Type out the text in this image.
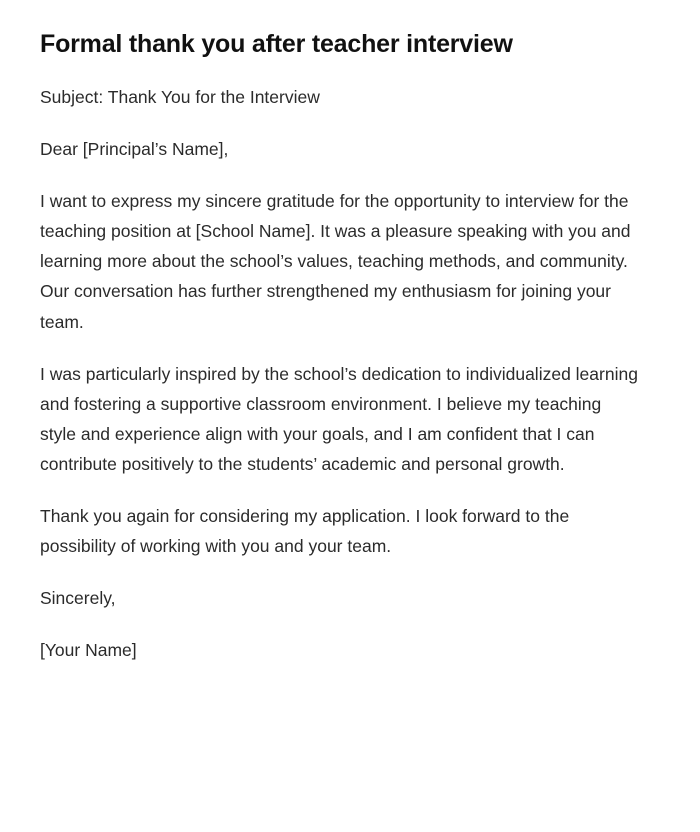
Formal thank you after teacher interview

Subject: Thank You for the Interview

Dear [Principal’s Name],

I want to express my sincere gratitude for the opportunity to interview for the teaching position at [School Name]. It was a pleasure speaking with you and learning more about the school’s values, teaching methods, and community. Our conversation has further strengthened my enthusiasm for joining your team.

I was particularly inspired by the school’s dedication to individualized learning and fostering a supportive classroom environment. I believe my teaching style and experience align with your goals, and I am confident that I can contribute positively to the students’ academic and personal growth.

Thank you again for considering my application. I look forward to the possibility of working with you and your team.

Sincerely,

[Your Name]
